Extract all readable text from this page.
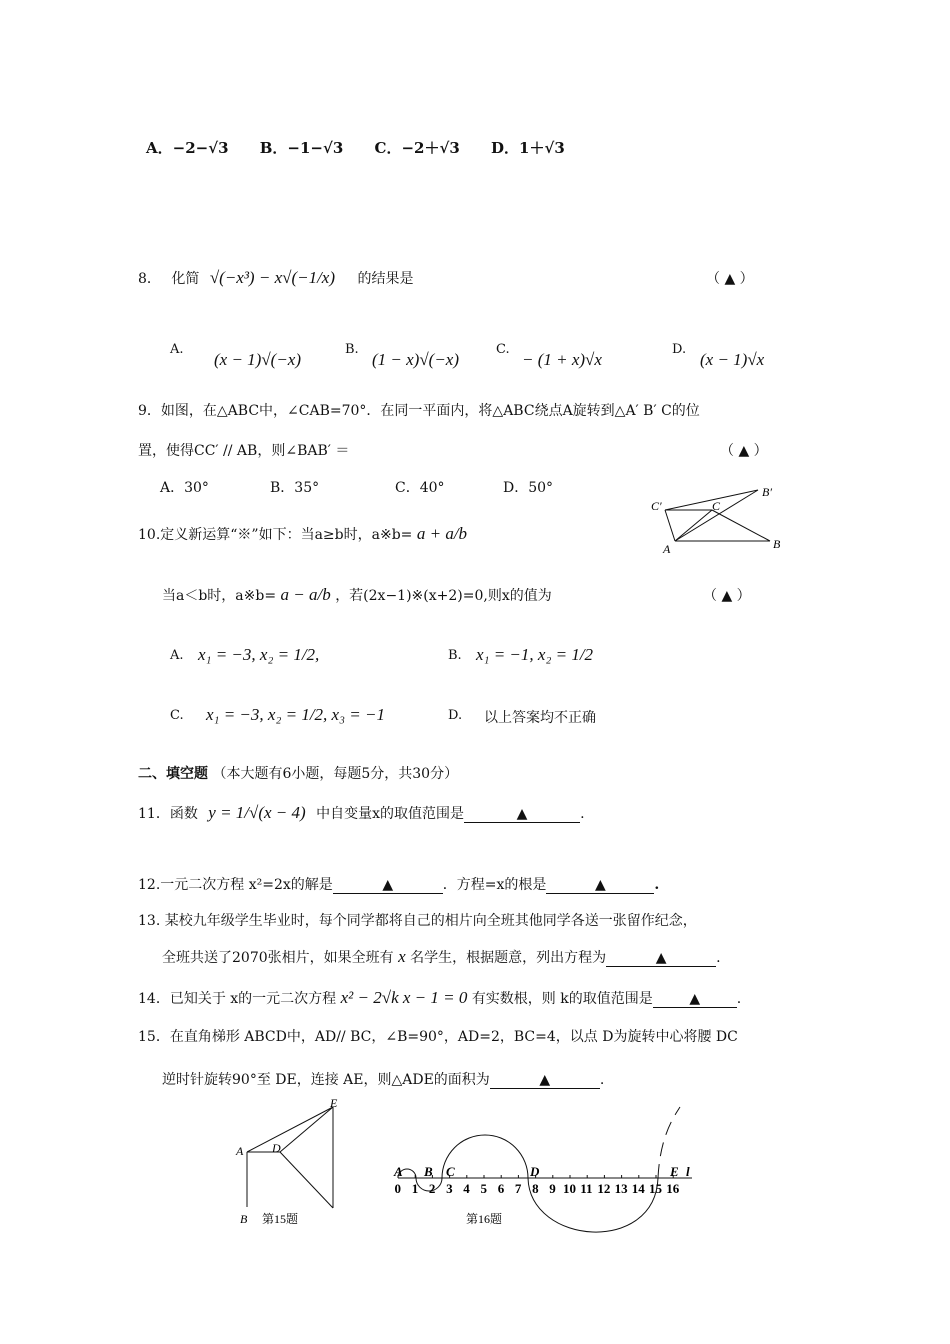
A．−2−√3 B．−1−√3 C．−2＋√3 D．1＋√3
8． 化简 √(−x³) − x√(−1/x) 的结果是	（ ▲ ）
A.
(x − 1)√(−x)
B.
(1 − x)√(−x)
C.
− (1 + x)√x
D.
(x − 1)√x
9．如图，在△ABC中，∠CAB=70°．在同一平面内，将△ABC绕点A旋转到△A′ B′ C的位
置，使得CC′ // AB，则∠BAB′ ＝	（ ▲ ）
A．30°	B．35°	C．40°	D．50°
A	B
C
C′
B′
10.定义新运算“※”如下：当a≥b时，a※b= a + a/b
当a＜b时，a※b= a − a/b ，若(2x−1)※(x+2)=0,则x的值为	（ ▲ ）
A. x₁ = −3, x₂ = 1/2,	B. x₁ = −1, x₂ = 1/2
C. x₁ = −3, x₂ = 1/2, x₃ = −1	D. 以上答案均不正确
二、填空题 （本大题有6小题，每题5分，共30分）
11．函数 y = 1/√(x − 4) 中自变量x的取值范围是	▲	.
12.一元二次方程 x²=2x的解是	▲	．方程=x的根是	▲	.
13. 某校九年级学生毕业时，每个同学都将自己的相片向全班其他同学各送一张留作纪念，
全班共送了2070张相片，如果全班有 x 名学生，根据题意，列出方程为	▲	.
14．已知关于 x的一元二次方程 x² − 2√k x − 1 = 0 有实数根，则 k的取值范围是	▲	.
15．在直角梯形 ABCD中，AD// BC，∠B=90°，AD=2，BC=4，以点 D为旋转中心将腰 DC
逆时针旋转90°至 DE，连接 AE，则△ADE的面积为	▲	.
A
B
D
E
第15题
0 1 2 3 4 5 6 7 8 9 10 11 12 13 14 15 16
A B C	D	E l
第16题
